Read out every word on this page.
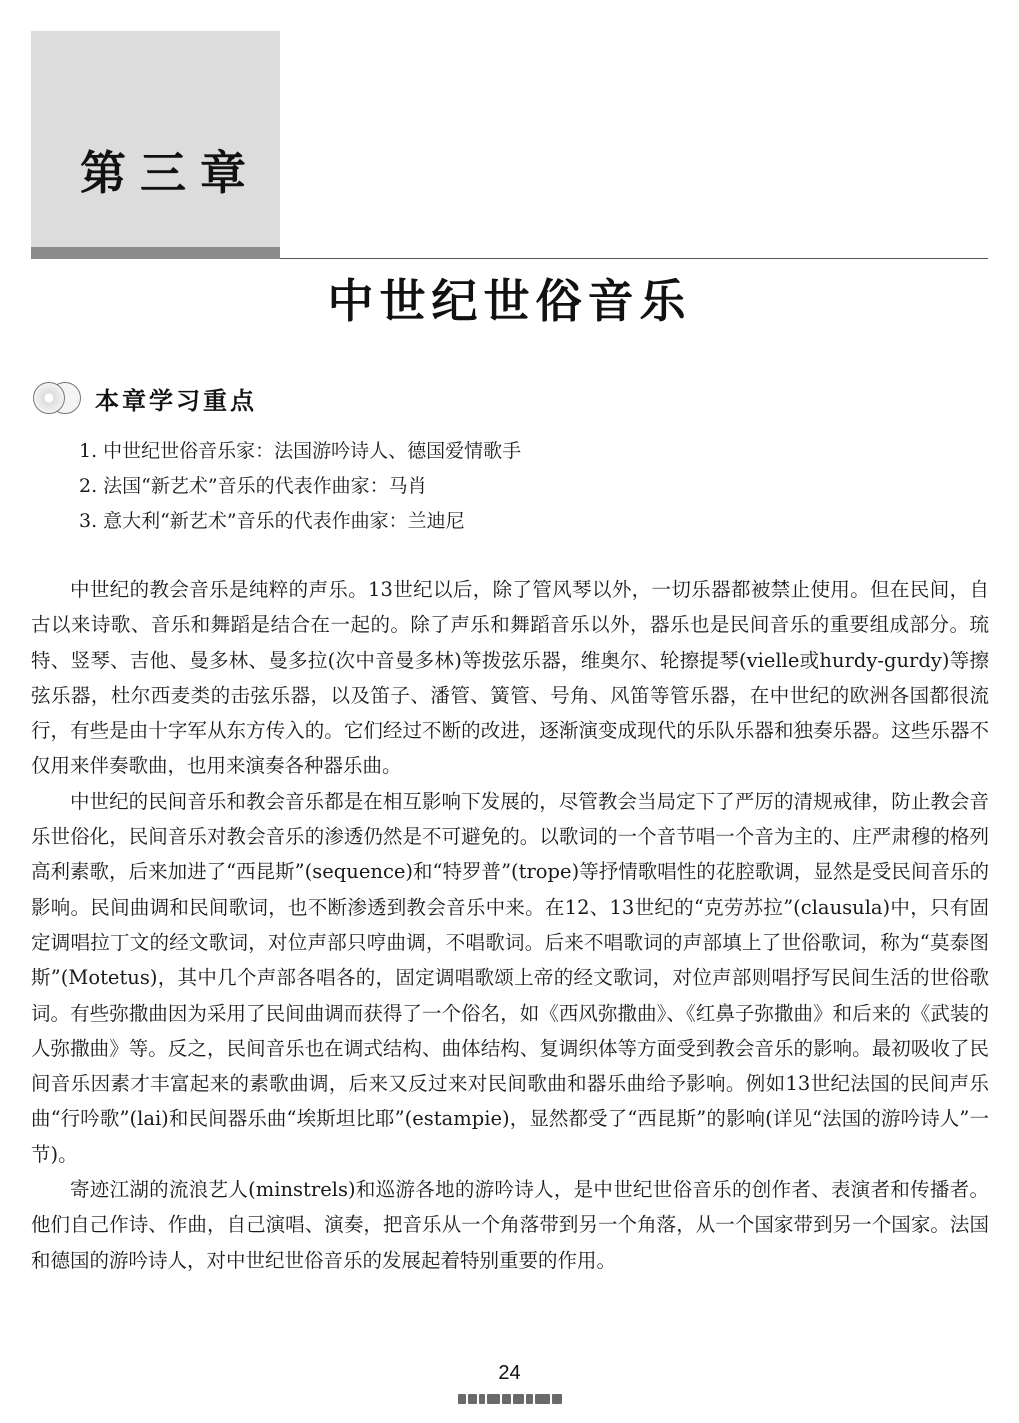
第三章
中世纪世俗音乐
本章学习重点
1. 中世纪世俗音乐家：法国游吟诗人、德国爱情歌手
2. 法国“新艺术”音乐的代表作曲家：马肖
3. 意大利“新艺术”音乐的代表作曲家：兰迪尼

中世纪的教会音乐是纯粹的声乐。13世纪以后，除了管风琴以外，一切乐器都被禁止使用。但在民间，自古以来诗歌、音乐和舞蹈是结合在一起的。除了声乐和舞蹈音乐以外，器乐也是民间音乐的重要组成部分。琉特、竖琴、吉他、曼多林、曼多拉(次中音曼多林)等拨弦乐器，维奥尔、轮擦提琴(vielle或hurdy-gurdy)等擦弦乐器，杜尔西麦类的击弦乐器，以及笛子、潘管、簧管、号角、风笛等管乐器，在中世纪的欧洲各国都很流行，有些是由十字军从东方传入的。它们经过不断的改进，逐渐演变成现代的乐队乐器和独奏乐器。这些乐器不仅用来伴奏歌曲，也用来演奏各种器乐曲。

中世纪的民间音乐和教会音乐都是在相互影响下发展的，尽管教会当局定下了严厉的清规戒律，防止教会音乐世俗化，民间音乐对教会音乐的渗透仍然是不可避免的。以歌词的一个音节唱一个音为主的、庄严肃穆的格列高利素歌，后来加进了“西昆斯”(sequence)和“特罗普”(trope)等抒情歌唱性的花腔歌调，显然是受民间音乐的影响。民间曲调和民间歌词，也不断渗透到教会音乐中来。在12、13世纪的“克劳苏拉”(clausula)中，只有固定调唱拉丁文的经文歌词，对位声部只哼曲调，不唱歌词。后来不唱歌词的声部填上了世俗歌词，称为“莫泰图斯”(Motetus)，其中几个声部各唱各的，固定调唱歌颂上帝的经文歌词，对位声部则唱抒写民间生活的世俗歌词。有些弥撒曲因为采用了民间曲调而获得了一个俗名，如《西风弥撒曲》、《红鼻子弥撒曲》和后来的《武装的人弥撒曲》等。反之，民间音乐也在调式结构、曲体结构、复调织体等方面受到教会音乐的影响。最初吸收了民间音乐因素才丰富起来的素歌曲调，后来又反过来对民间歌曲和器乐曲给予影响。例如13世纪法国的民间声乐曲“行吟歌”(lai)和民间器乐曲“埃斯坦比耶”(estampie)，显然都受了“西昆斯”的影响(详见“法国的游吟诗人”一节)。

寄迹江湖的流浪艺人(minstrels)和巡游各地的游吟诗人，是中世纪世俗音乐的创作者、表演者和传播者。他们自己作诗、作曲，自己演唱、演奏，把音乐从一个角落带到另一个角落，从一个国家带到另一个国家。法国和德国的游吟诗人，对中世纪世俗音乐的发展起着特别重要的作用。

24
